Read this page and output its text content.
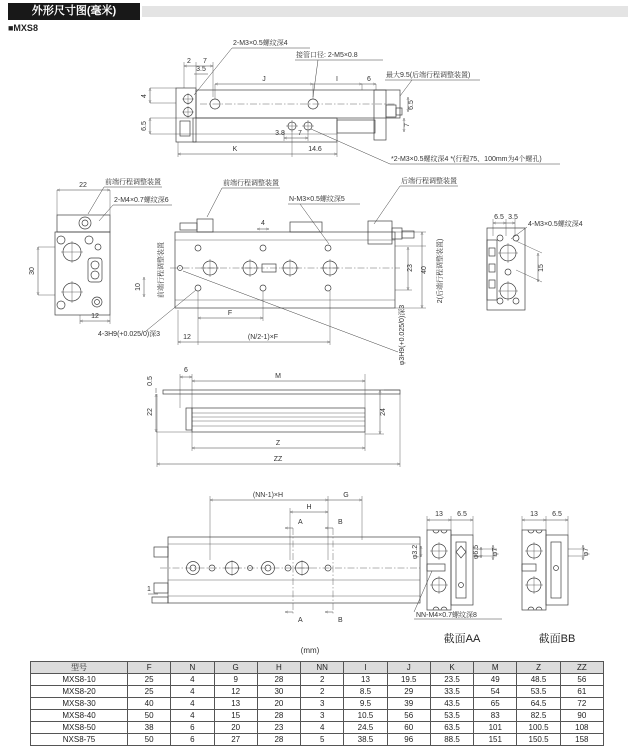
外形尺寸图(毫米)
■MXS8
2-M3×0.5螺纹深4
接管口径: 2-M5×0.8
最大9.5(后端行程调整装置)
*2-M3×0.5螺纹深4 *(行程75、100mm为4个螺孔)
2 7
3.5
J	I	6
4
6.5
6.5
7
3.8 7
K	14.6
22	前端行程调整装置
2-M4×0.7螺纹深6
30
12
前端行程调整装置
N-M3×0.5螺纹深5
后端行程调整装置
4
前端行程调整装置
10
23 40 2(后端行程调整装置)
F
12	(N/2-1)×F
4-3H9(+0.025/0)深3	φ3H9(+0.025/0)深3
6.5 3.5
4-M3×0.5螺纹深4
15
0.5
22
6
M
24
Z
ZZ
A	B
A	B
(NN-1)×H	G
H
1
(mm)
13 6.5
φ3.2	φ6.5 φ7
NN-M4×0.7螺纹深8
截面AA
13 6.5
φ7
截面BB
型号	F	N	G	H	NN	I	J	K	M	Z	ZZ
MXS8-10	25	4	9	28	2	13	19.5	23.5	49	48.5	56
MXS8-20	25	4	12	30	2	8.5	29	33.5	54	53.5	61
MXS8-30	40	4	13	20	3	9.5	39	43.5	65	64.5	72
MXS8-40	50	4	15	28	3	10.5	56	53.5	83	82.5	90
MXS8-50	38	6	20	23	4	24.5	60	63.5	101	100.5	108
NXS8-75	50	6	27	28	5	38.5	96	88.5	151	150.5	158
